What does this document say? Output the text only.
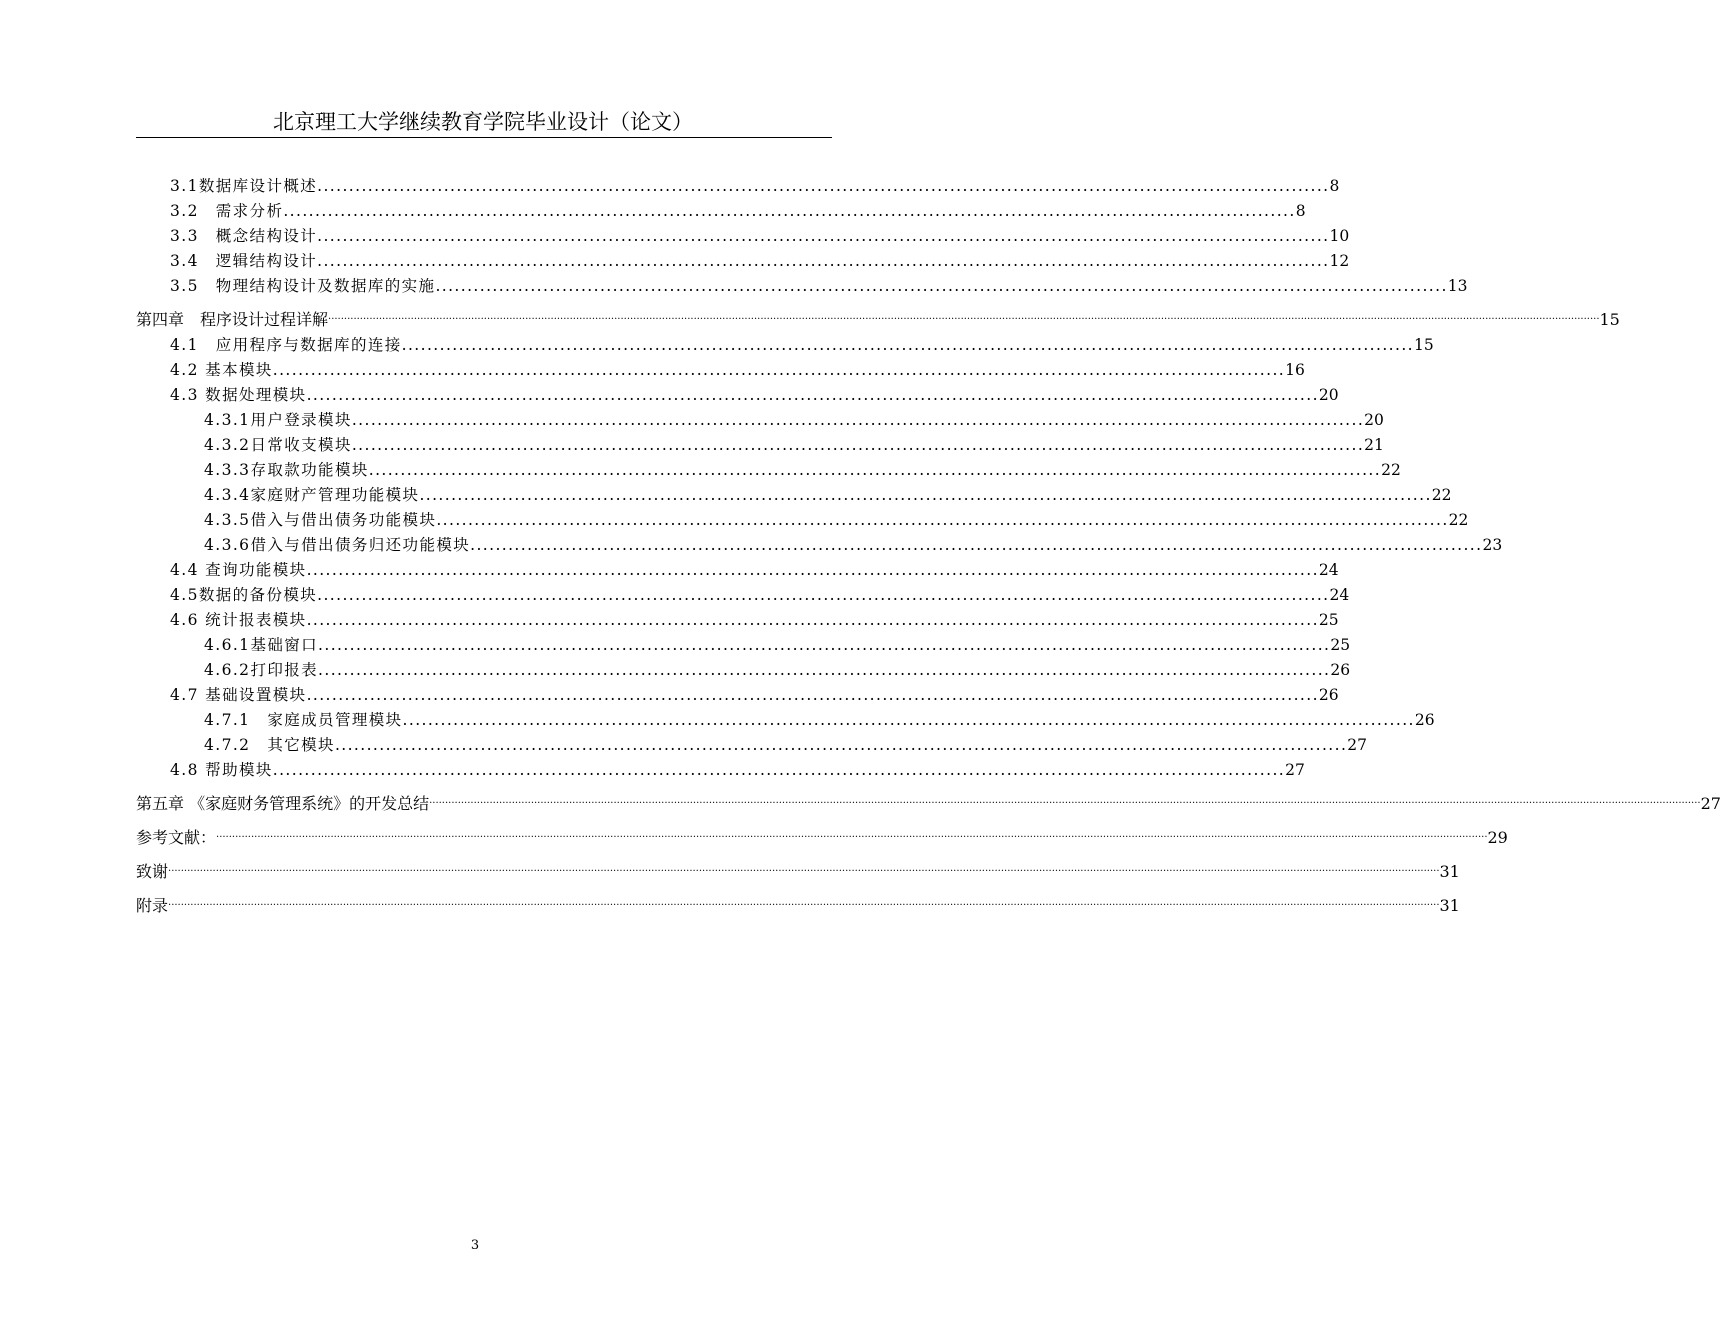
北京理工大学继续教育学院毕业设计（论文）
3.1数据库设计概述 ................................................................................................................................................................ 8
3.2　需求分析 ................................................................................................................................................................ 8
3.3　概念结构设计 ................................................................................................................................................................ 10
3.4　逻辑结构设计 ................................................................................................................................................................ 12
3.5　物理结构设计及数据库的实施 ................................................................................................................................................................ 13
第四章　程序设计过程详解 ................................................................................................................................................................................................................................................................................................................................................................................................................ 15
4.1　应用程序与数据库的连接 ................................................................................................................................................................ 15
4.2 基本模块 ................................................................................................................................................................ 16
4.3 数据处理模块 ................................................................................................................................................................ 20
4.3.1用户登录模块 ................................................................................................................................................................ 20
4.3.2日常收支模块 ................................................................................................................................................................ 21
4.3.3存取款功能模块 ................................................................................................................................................................ 22
4.3.4家庭财产管理功能模块 ................................................................................................................................................................ 22
4.3.5借入与借出债务功能模块 ................................................................................................................................................................ 22
4.3.6借入与借出债务归还功能模块 ................................................................................................................................................................ 23
4.4 查询功能模块 ................................................................................................................................................................ 24
4.5数据的备份模块 ................................................................................................................................................................ 24
4.6 统计报表模块 ................................................................................................................................................................ 25
4.6.1基础窗口 ................................................................................................................................................................ 25
4.6.2打印报表 ................................................................................................................................................................ 26
4.7 基础设置模块 ................................................................................................................................................................ 26
4.7.1　家庭成员管理模块 ................................................................................................................................................................ 26
4.7.2　其它模块 ................................................................................................................................................................ 27
4.8 帮助模块 ................................................................................................................................................................ 27
第五章 《家庭财务管理系统》的开发总结 ................................................................................................................................................................................................................................................................................................................................................................................................................ 27
参考文献： ................................................................................................................................................................................................................................................................................................................................................................................................................ 29
致谢 ................................................................................................................................................................................................................................................................................................................................................................................................................ 31
附录 ................................................................................................................................................................................................................................................................................................................................................................................................................ 31
3
